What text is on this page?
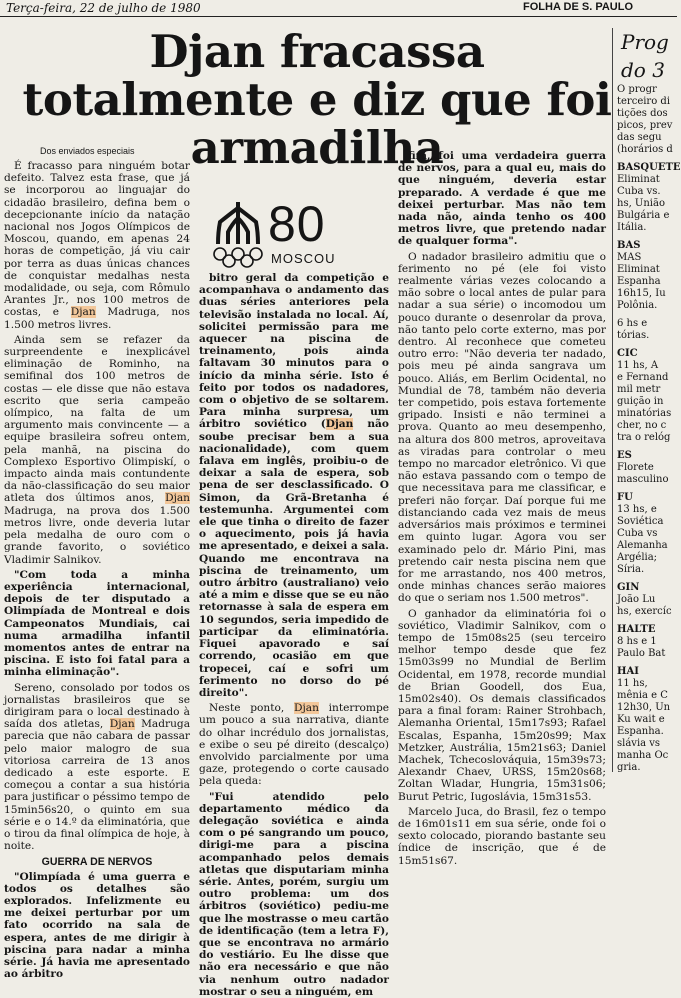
Terça-feira, 22 de julho de 1980	FOLHA DE S. PAULO
Djan fracassa totalmente e diz que foi armadilha
Dos enviados especiais
80
MOSCOU

É fracasso para ninguém botar defeito. Talvez esta frase, que já se incorporou ao linguajar do cidadão brasileiro, defina bem o decepcionante início da natação nacional nos Jogos Olímpicos de Moscou, quando, em apenas 24 horas de competição, já viu cair por terra as duas únicas chances de conquistar medalhas nesta modalidade, ou seja, com Rômulo Arantes Jr., nos 100 metros de costas, e Djan Madruga, nos 1.500 metros livres.

Ainda sem se refazer da surpreendente e inexplicável eliminação de Rominho, na semifinal dos 100 metros de costas — ele disse que não estava escrito que seria campeão olímpico, na falta de um argumento mais convincente — a equipe brasileira sofreu ontem, pela manhã, na piscina do Complexo Esportivo Olimpiskí, o impacto ainda mais contundente da não-classificação do seu maior atleta dos últimos anos, Djan Madruga, na prova dos 1.500 metros livre, onde deveria lutar pela medalha de ouro com o grande favorito, o soviético Vladimir Salnikov.

"Com toda a minha experiência internacional, depois de ter disputado a Olimpíada de Montreal e dois Campeonatos Mundiais, cai numa armadilha infantil momentos antes de entrar na piscina. E isto foi fatal para a minha eliminação".

Sereno, consolado por todos os jornalistas brasileiros que se dirigiram para o local destinado à saída dos atletas, Djan Madruga parecia que não cabara de passar pelo maior malogro de sua vitoriosa carreira de 13 anos dedicado a este esporte. E começou a contar a sua história para justificar o péssimo tempo de 15min56s20, o quinto em sua série e o 14.º da eliminatória, que o tirou da final olímpica de hoje, à noite.

GUERRA DE NERVOS

"Olimpíada é uma guerra e todos os detalhes são explorados. Infelizmente eu me deixei perturbar por um fato ocorrido na sala de espera, antes de me dirigir à piscina para nadar a minha série. Já havia me apresentado ao árbitro

bitro geral da competição e acompanhava o andamento das duas séries anteriores pela televisão instalada no local. Aí, solicitei permissão para me aquecer na piscina de treinamento, pois ainda faltavam 30 minutos para o início da minha série. Isto é feito por todos os nadadores, com o objetivo de se soltarem. Para minha surpresa, um árbitro soviético (Djan não soube precisar bem a sua nacionalidade), com quem falava em inglês, proibiu-o de deixar a sala de espera, sob pena de ser desclassificado. O Simon, da Grã-Bretanha é testemunha. Argumentei com ele que tinha o direito de fazer o aquecimento, pois já havia me apresentado, e deixei a sala. Quando me encontrava na piscina de treinamento, um outro árbitro (australiano) veio até a mim e disse que se eu não retornasse à sala de espera em 10 segundos, seria impedido de participar da eliminatória. Fiquei apavorado e saí correndo, ocasião em que tropecei, caí e sofri um ferimento no dorso do pé direito".

Neste ponto, Djan interrompe um pouco a sua narrativa, diante do olhar incrédulo dos jornalistas, e exibe o seu pé direito (descalço) envolvido parcialmente por uma gaze, protegendo o corte causado pela queda:

"Fui atendido pelo departamento médico da delegação soviética e ainda com o pé sangrando um pouco, dirigi-me para a piscina acompanhado pelos demais atletas que disputariam minha série. Antes, porém, surgiu um outro problema: um dos árbitros (soviético) pediu-me que lhe mostrasse o meu cartão de identificação (tem a letra F), que se encontrava no armário do vestiário. Eu lhe disse que não era necessário e que não via nenhum outro nadador mostrar o seu a ninguém, em

fim, foi uma verdadeira guerra de nervos, para a qual eu, mais do que ninguém, deveria estar preparado. A verdade é que me deixei perturbar. Mas não tem nada não, ainda tenho os 400 metros livre, que pretendo nadar de qualquer forma".

O nadador brasileiro admitiu que o ferimento no pé (ele foi visto realmente várias vezes colocando a mão sobre o local antes de pular para nadar a sua série) o incomodou um pouco durante o desenrolar da prova, não tanto pelo corte externo, mas por dentro. Al reconhece que cometeu outro erro: "Não deveria ter nadado, pois meu pé ainda sangrava um pouco. Aliás, em Berlim Ocidental, no Mundial de 78, também não deveria ter competido, pois estava fortemente gripado. Insisti e não terminei a prova. Quanto ao meu desempenho, na altura dos 800 metros, aproveitava as viradas para controlar o meu tempo no marcador eletrônico. Vi que não estava passando com o tempo de que necessitava para me classificar, e preferi não forçar. Daí porque fui me distanciando cada vez mais de meus adversários mais próximos e terminei em quinto lugar. Agora vou ser examinado pelo dr. Mário Pini, mas pretendo cair nesta piscina nem que for me arrastando, nos 400 metros, onde minhas chances serão maiores do que o seriam nos 1.500 metros".

O ganhador da eliminatória foi o soviético, Vladimir Salnikov, com o tempo de 15m08s25 (seu terceiro melhor tempo desde que fez 15m03s99 no Mundial de Berlim Ocidental, em 1978, recorde mundial de Brian Goodell, dos Eua, 15m02s40). Os demais classificados para a final foram: Rainer Strohbach, Alemanha Oriental, 15m17s93; Rafael Escalas, Espanha, 15m20s99; Max Metzker, Austrália, 15m21s63; Daniel Machek, Tchecoslováquia, 15m39s73; Alexandr Chaev, URSS, 15m20s68; Zoltan Wladar, Hungria, 15m31s06; Burut Petric, Iugoslávia, 15m31s53.

Marcelo Juca, do Brasil, fez o tempo de 16m01s11 em sua série, onde foi o sexto colocado, piorando bastante seu índice de inscrição, que é de 15m51s67.

Prog
do 3
O progr
terceiro di
tições dos
picos, prev
das segu
(horários d
BASQUETE
Eliminat
Cuba vs.
hs, União
Bulgária e
Itália.
BAS
MAS
Eliminat
Espanha
16h15, Iu
Polônia.
6 hs e
tórias.
CIC
11 hs, A
e Fernand
mil metr
guição in
minatórias
cher, no c
tra o relóg
ES
Florete
masculino
FU
13 hs, e
Soviética
Cuba vs
Alemanha
Argélia;
Síria.
GIN
João Lu
hs, exercíc
HALTE
8 hs e 1
Paulo Bat
HAI
11 hs,
mênia e C
12h30, Un
Ku wait e
Espanha.
slávia vs
manha Oc
gria.
